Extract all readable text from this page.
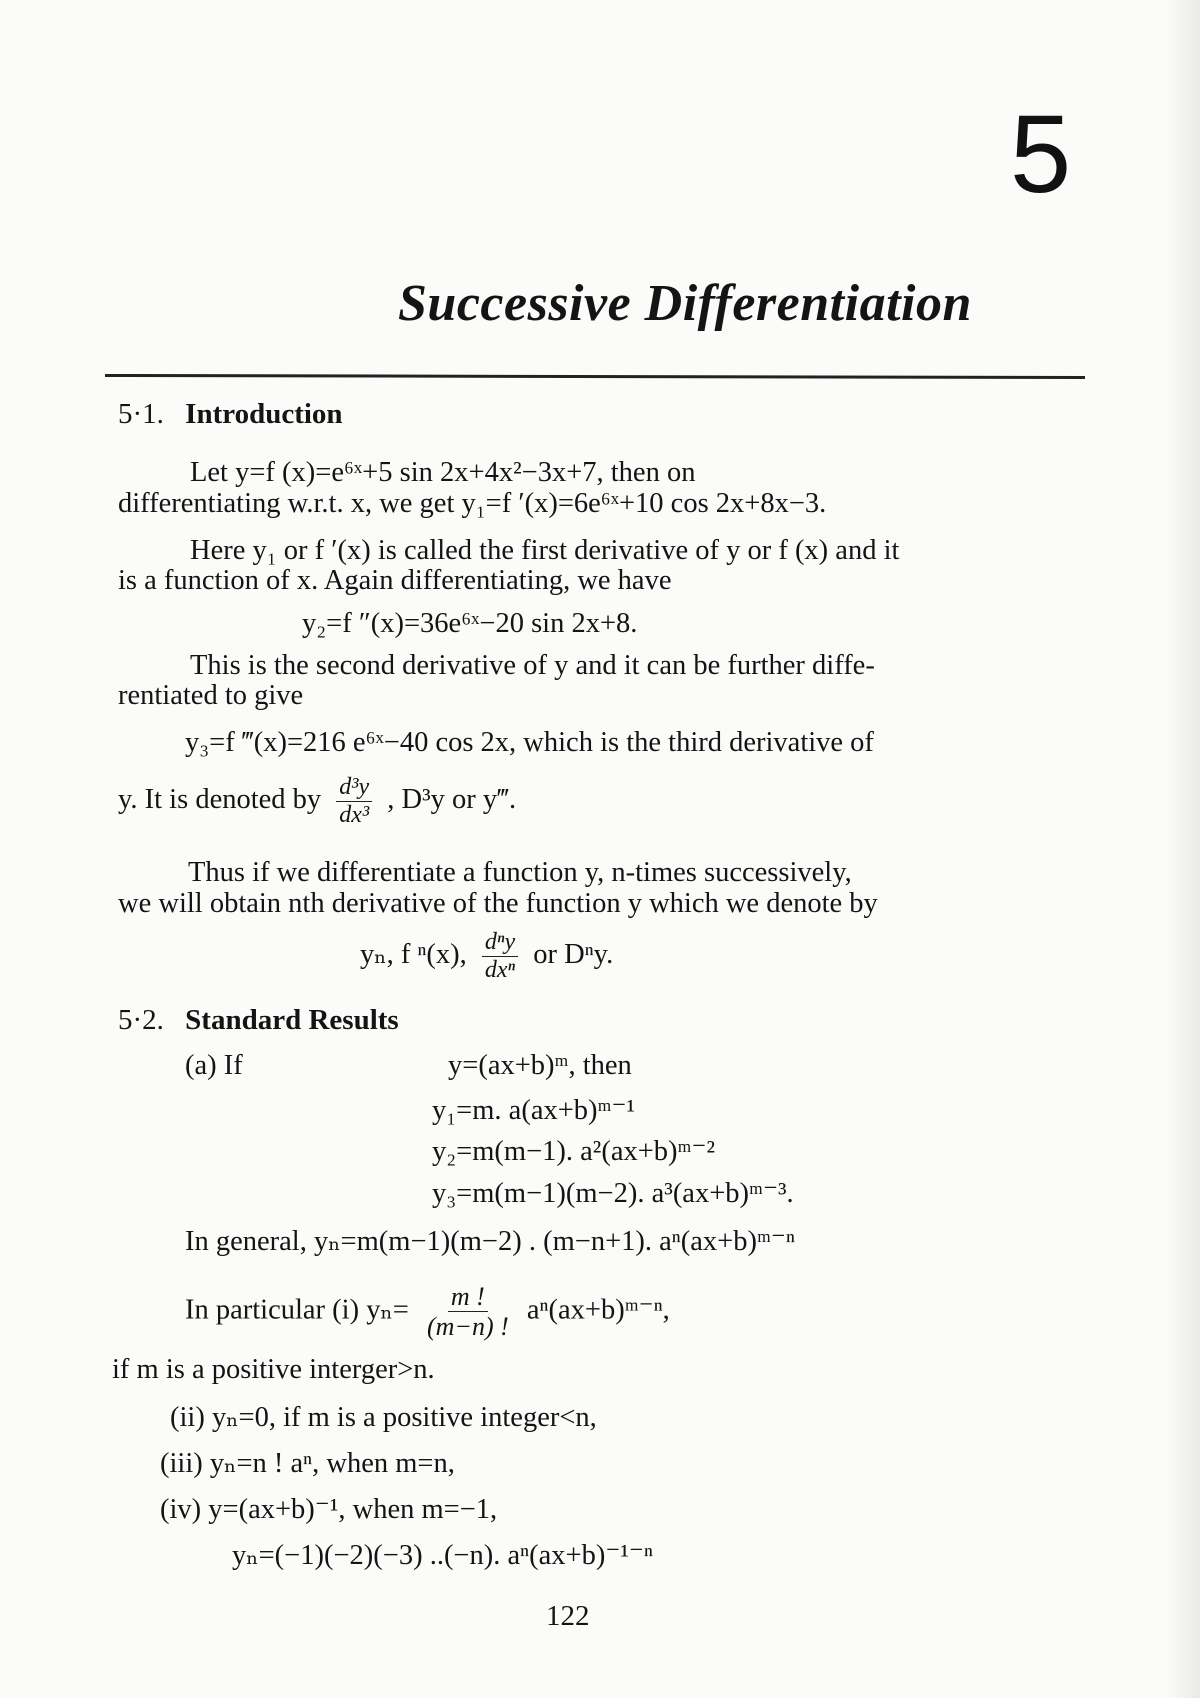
5
Successive Differentiation
5·1. Introduction
Let y=f (x)=e⁶ˣ+5 sin 2x+4x²−3x+7, then on
differentiating w.r.t. x, we get y₁=f ′(x)=6e⁶ˣ+10 cos 2x+8x−3.
Here y₁ or f ′(x) is called the first derivative of y or f (x) and it
is a function of x. Again differentiating, we have
y₂=f ″(x)=36e⁶ˣ−20 sin 2x+8.
This is the second derivative of y and it can be further diffe-
rentiated to give
y₃=f ‴(x)=216 e⁶ˣ−40 cos 2x, which is the third derivative of
y. It is denoted by $\frac{\text{d³y}}{\text{dx³}}$ , D³y or y‴.
Thus if we differentiate a function y, n-times successively,
we will obtain nth derivative of the function y which we denote by
yₙ, f ⁿ(x), $\frac{\text{dⁿy}}{\text{dxⁿ}}$ or Dⁿy.
5·2. Standard Results
(a) If	y=(ax+b)ᵐ, then
y₁=m. a(ax+b)ᵐ⁻¹
y₂=m(m−1). a²(ax+b)ᵐ⁻²
y₃=m(m−1)(m−2). a³(ax+b)ᵐ⁻³.
In general, yₙ=m(m−1)(m−2) . (m−n+1). aⁿ(ax+b)ᵐ⁻ⁿ
In particular (i) $y_n= \frac{m !}{(m-n) !}$ aⁿ(ax+b)ᵐ⁻ⁿ,
if m is a positive interger>n.
(ii) yₙ=0, if m is a positive integer<n,
(iii) yₙ=n ! aⁿ, when m=n,
(iv) y=(ax+b)⁻¹, when m=−1,
yₙ=(−1)(−2)(−3) ..(−n). aⁿ(ax+b)⁻¹⁻ⁿ
122
